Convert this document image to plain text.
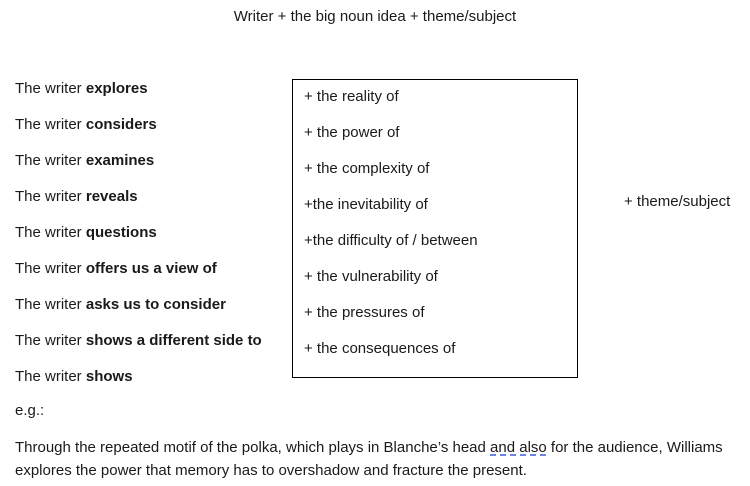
Writer + the big noun idea + theme/subject
The writer explores
The writer considers
The writer examines
The writer reveals
The writer questions
The writer offers us a view of
The writer asks us to consider
The writer shows a different side to
The writer shows
+ the reality of
+ the power of
+ the complexity of
+the inevitability of
+the difficulty of / between
+ the vulnerability of
+ the pressures of
+ the consequences of
+ theme/subject
e.g.:
Through the repeated motif of the polka, which plays in Blanche’s head and also for the audience, Williams explores the power that memory has to overshadow and fracture the present.
